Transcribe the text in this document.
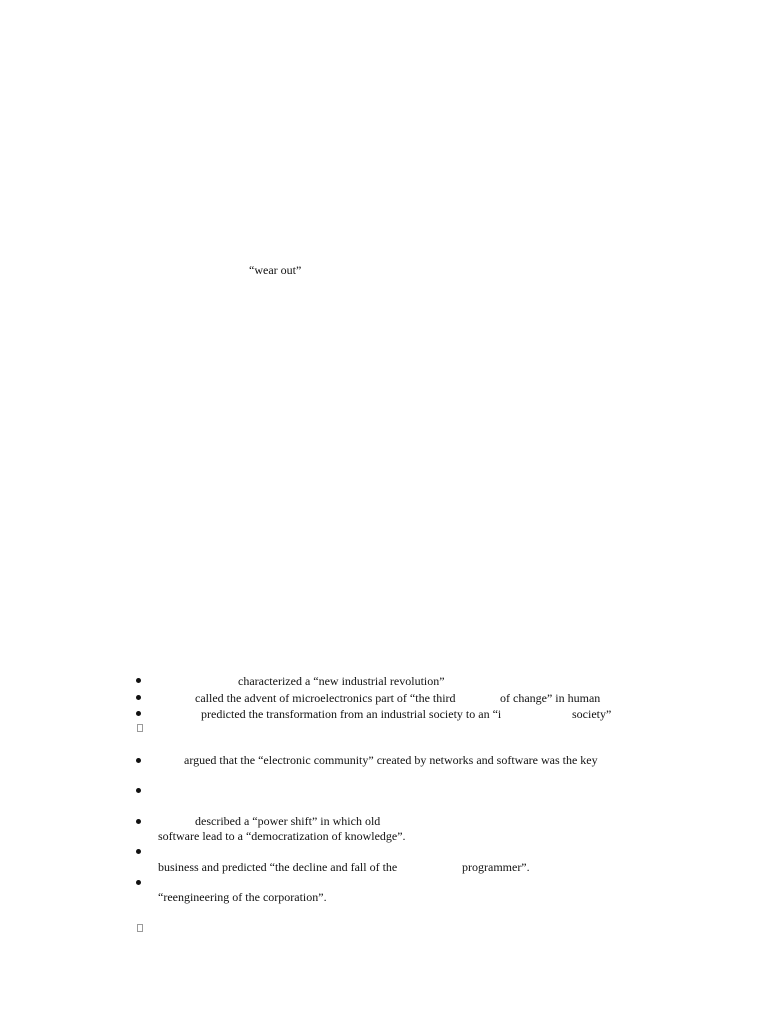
“wear out”
characterized a “new industrial revolution”
called the advent of microelectronics part of “the third	of change” in human
predicted the transformation from an industrial society to an “i	society”
argued that the “electronic community” created by networks and software was the key
described a “power shift” in which old
software lead to a “democratization of knowledge”.
business and predicted “the decline and fall of the	programmer”.
“reengineering of the corporation”.
